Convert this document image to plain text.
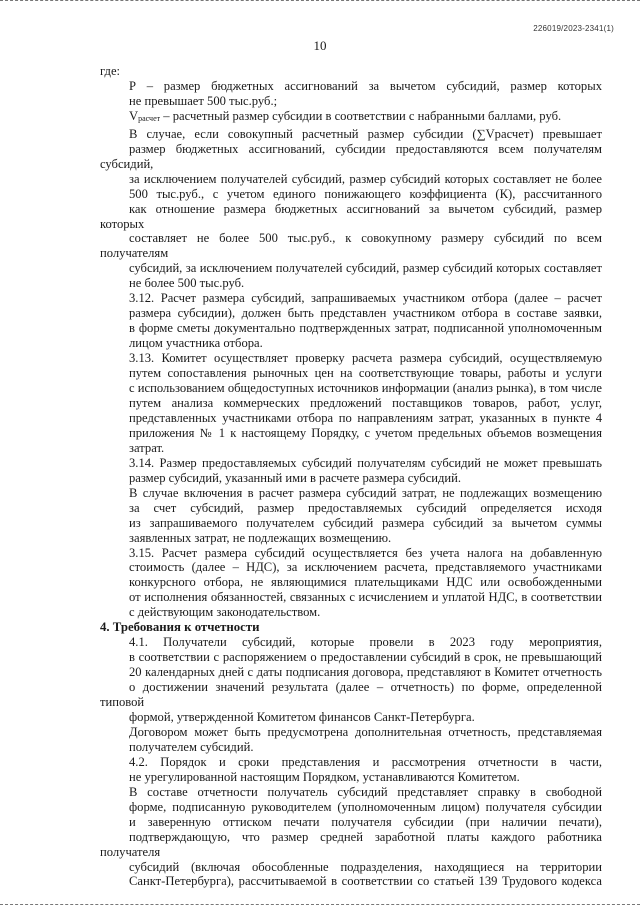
226019/2023-2341(1)
10

где:

Р – размер бюджетных ассигнований за вычетом субсидий, размер которых
не превышает 500 тыс.руб.;

Vрасчет – расчетный размер субсидии в соответствии с набранными баллами, руб.

В случае, если совокупный расчетный размер субсидии (∑Vрасчет) превышает
размер бюджетных ассигнований, субсидии предоставляются всем получателям субсидий,
за исключением получателей субсидий, размер субсидий которых составляет не более
500 тыс.руб., с учетом единого понижающего коэффициента (К), рассчитанного
как отношение размера бюджетных ассигнований за вычетом субсидий, размер которых
составляет не более 500 тыс.руб., к совокупному размеру субсидий по всем получателям
субсидий, за исключением получателей субсидий, размер субсидий которых составляет
не более 500 тыс.руб.

3.12. Расчет размера субсидий, запрашиваемых участником отбора (далее – расчет
размера субсидии), должен быть представлен участником отбора в составе заявки,
в форме сметы документально подтвержденных затрат, подписанной уполномоченным
лицом участника отбора.

3.13. Комитет осуществляет проверку расчета размера субсидий, осуществляемую
путем сопоставления рыночных цен на соответствующие товары, работы и услуги
с использованием общедоступных источников информации (анализ рынка), в том числе
путем анализа коммерческих предложений поставщиков товаров, работ, услуг,
представленных участниками отбора по направлениям затрат, указанных в пункте 4
приложения № 1 к настоящему Порядку, с учетом предельных объемов возмещения
затрат.

3.14. Размер предоставляемых субсидий получателям субсидий не может превышать
размер субсидий, указанный ими в расчете размера субсидий.

В случае включения в расчет размера субсидий затрат, не подлежащих возмещению
за счет субсидий, размер предоставляемых субсидий определяется исходя
из запрашиваемого получателем субсидий размера субсидий за вычетом суммы
заявленных затрат, не подлежащих возмещению.

3.15. Расчет размера субсидий осуществляется без учета налога на добавленную
стоимость (далее – НДС), за исключением расчета, представляемого участниками
конкурсного отбора, не являющимися плательщиками НДС или освобожденными
от исполнения обязанностей, связанных с исчислением и уплатой НДС, в соответствии
с действующим законодательством.

4. Требования к отчетности

4.1. Получатели субсидий, которые провели в 2023 году мероприятия,
в соответствии с распоряжением о предоставлении субсидий в срок, не превышающий
20 календарных дней с даты подписания договора, представляют в Комитет отчетность
о достижении значений результата (далее – отчетность) по форме, определенной типовой
формой, утвержденной Комитетом финансов Санкт-Петербурга.

Договором может быть предусмотрена дополнительная отчетность, представляемая
получателем субсидий.

4.2. Порядок и сроки представления и рассмотрения отчетности в части,
не урегулированной настоящим Порядком, устанавливаются Комитетом.

В составе отчетности получатель субсидий представляет справку в свободной
форме, подписанную руководителем (уполномоченным лицом) получателя субсидии
и заверенную оттиском печати получателя субсидии (при наличии печати),
подтверждающую, что размер средней заработной платы каждого работника получателя
субсидий (включая обособленные подразделения, находящиеся на территории
Санкт-Петербурга), рассчитываемой в соответствии со статьей 139 Трудового кодекса
